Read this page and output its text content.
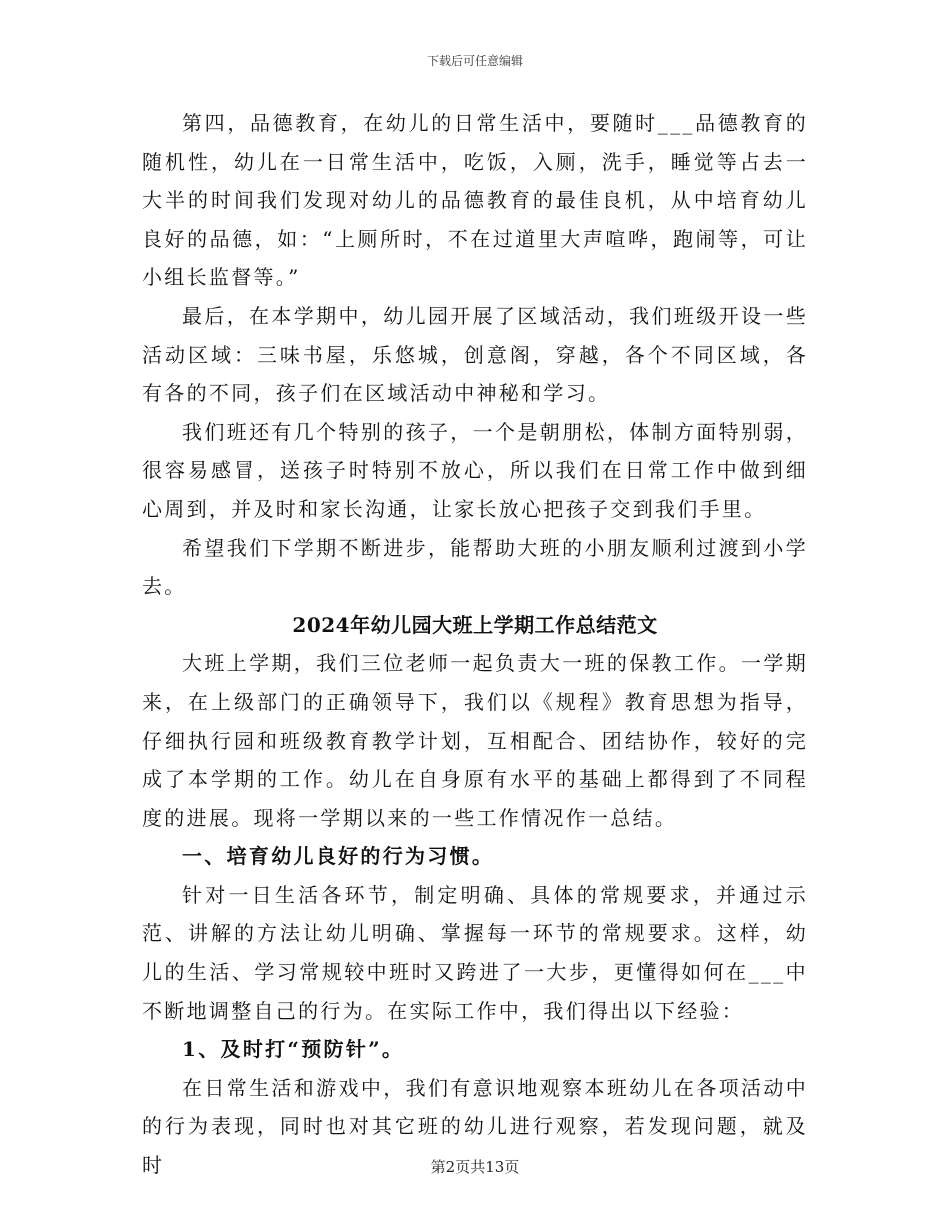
下载后可任意编辑

第四，品德教育，在幼儿的日常生活中，要随时___品德教育的随机性，幼儿在一日常生活中，吃饭，入厕，洗手，睡觉等占去一大半的时间我们发现对幼儿的品德教育的最佳良机，从中培育幼儿良好的品德，如：“上厕所时，不在过道里大声喧哗，跑闹等，可让小组长监督等。”

最后，在本学期中，幼儿园开展了区域活动，我们班级开设一些活动区域：三味书屋，乐悠城，创意阁，穿越，各个不同区域，各有各的不同，孩子们在区域活动中神秘和学习。

我们班还有几个特别的孩子，一个是朝朋松，体制方面特别弱，很容易感冒，送孩子时特别不放心，所以我们在日常工作中做到细心周到，并及时和家长沟通，让家长放心把孩子交到我们手里。

希望我们下学期不断进步，能帮助大班的小朋友顺利过渡到小学去。

2024年幼儿园大班上学期工作总结范文

大班上学期，我们三位老师一起负责大一班的保教工作。一学期来，在上级部门的正确领导下，我们以《规程》教育思想为指导，仔细执行园和班级教育教学计划，互相配合、团结协作，较好的完成了本学期的工作。幼儿在自身原有水平的基础上都得到了不同程度的进展。现将一学期以来的一些工作情况作一总结。

一、培育幼儿良好的行为习惯。

针对一日生活各环节，制定明确、具体的常规要求，并通过示范、讲解的方法让幼儿明确、掌握每一环节的常规要求。这样，幼儿的生活、学习常规较中班时又跨进了一大步，更懂得如何在___中不断地调整自己的行为。在实际工作中，我们得出以下经验：

1、及时打“预防针”。

在日常生活和游戏中，我们有意识地观察本班幼儿在各项活动中的行为表现，同时也对其它班的幼儿进行观察，若发现问题，就及时	第2页共13页
